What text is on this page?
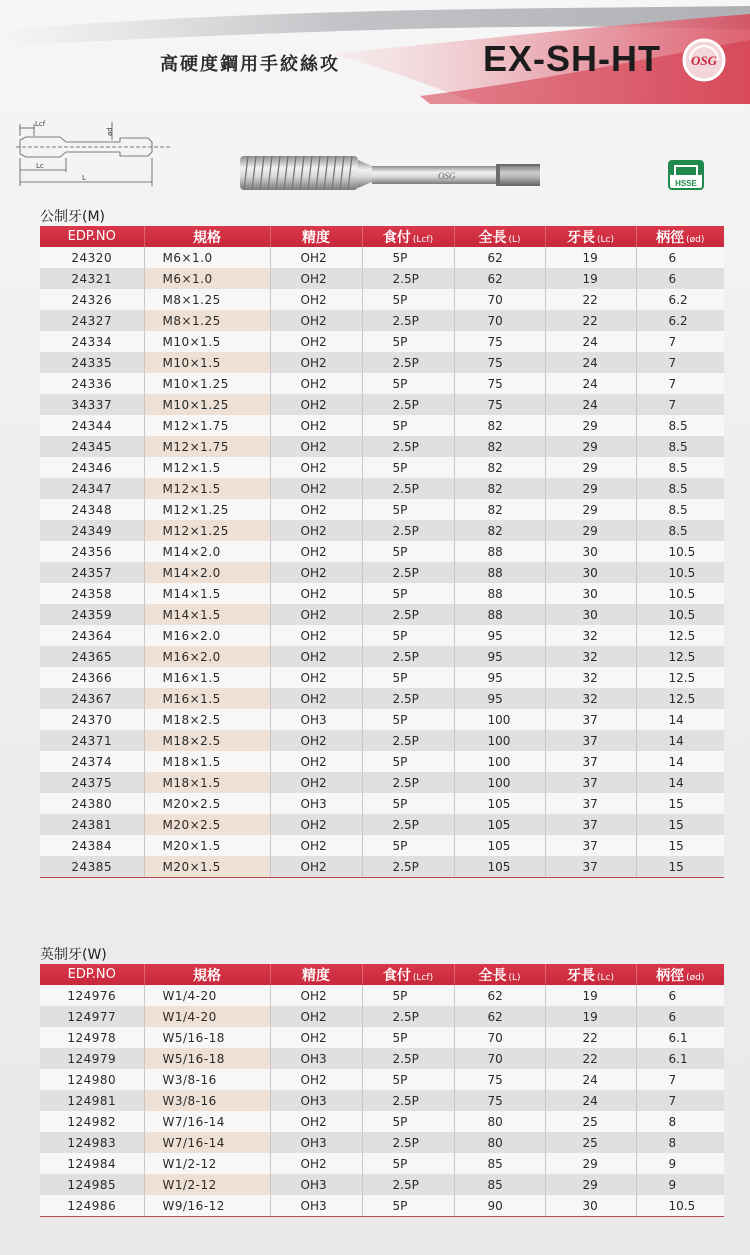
高硬度鋼用手絞絲攻	EX-SH-HT OSG
Lcf
ød
Lc
L	OSG
HSSE
公制牙(M)
EDP.NO	規格	精度	食付 (Lcf)	全長 (L)	牙長 (Lc)	柄徑 (ød)
24320	M6×1.0	OH2	5P	62	19	6
24321	M6×1.0	OH2	2.5P	62	19	6
24326	M8×1.25	OH2	5P	70	22	6.2
24327	M8×1.25	OH2	2.5P	70	22	6.2
24334	M10×1.5	OH2	5P	75	24	7
24335	M10×1.5	OH2	2.5P	75	24	7
24336	M10×1.25	OH2	5P	75	24	7
34337	M10×1.25	OH2	2.5P	75	24	7
24344	M12×1.75	OH2	5P	82	29	8.5
24345	M12×1.75	OH2	2.5P	82	29	8.5
24346	M12×1.5	OH2	5P	82	29	8.5
24347	M12×1.5	OH2	2.5P	82	29	8.5
24348	M12×1.25	OH2	5P	82	29	8.5
24349	M12×1.25	OH2	2.5P	82	29	8.5
24356	M14×2.0	OH2	5P	88	30	10.5
24357	M14×2.0	OH2	2.5P	88	30	10.5
24358	M14×1.5	OH2	5P	88	30	10.5
24359	M14×1.5	OH2	2.5P	88	30	10.5
24364	M16×2.0	OH2	5P	95	32	12.5
24365	M16×2.0	OH2	2.5P	95	32	12.5
24366	M16×1.5	OH2	5P	95	32	12.5
24367	M16×1.5	OH2	2.5P	95	32	12.5
24370	M18×2.5	OH3	5P	100	37	14
24371	M18×2.5	OH2	2.5P	100	37	14
24374	M18×1.5	OH2	5P	100	37	14
24375	M18×1.5	OH2	2.5P	100	37	14
24380	M20×2.5	OH3	5P	105	37	15
24381	M20×2.5	OH2	2.5P	105	37	15
24384	M20×1.5	OH2	5P	105	37	15
24385	M20×1.5	OH2	2.5P	105	37	15
英制牙(W)
EDP.NO	規格	精度	食付 (Lcf)	全長 (L)	牙長 (Lc)	柄徑 (ød)
124976	W1/4-20	OH2	5P	62	19	6
124977	W1/4-20	OH2	2.5P	62	19	6
124978	W5/16-18	OH2	5P	70	22	6.1
124979	W5/16-18	OH3	2.5P	70	22	6.1
124980	W3/8-16	OH2	5P	75	24	7
124981	W3/8-16	OH3	2.5P	75	24	7
124982	W7/16-14	OH2	5P	80	25	8
124983	W7/16-14	OH3	2.5P	80	25	8
124984	W1/2-12	OH2	5P	85	29	9
124985	W1/2-12	OH3	2.5P	85	29	9
124986	W9/16-12	OH3	5P	90	30	10.5
